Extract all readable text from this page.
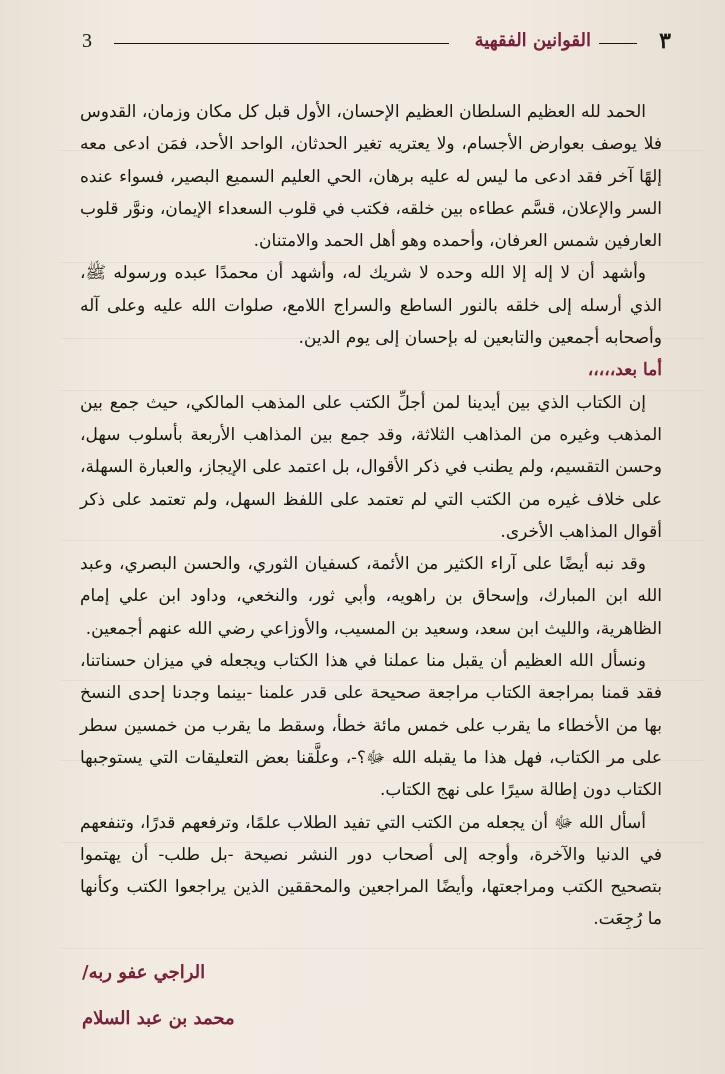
3	القوانين الفقهية	٣

الحمد لله العظيم السلطان العظيم الإحسان، الأول قبل كل مكان وزمان، القدوس فلا يوصف بعوارض الأجسام، ولا يعتريه تغير الحدثان، الواحد الأحد، فمَن ادعى معه إلهًا آخر فقد ادعى ما ليس له عليه برهان، الحي العليم السميع البصير، فسواء عنده السر والإعلان، قسَّم عطاءه بين خلقه، فكتب في قلوب السعداء الإيمان، ونوَّر قلوب العارفين شمس العرفان، وأحمده وهو أهل الحمد والامتنان.

وأشهد أن لا إله إلا الله وحده لا شريك له، وأشهد أن محمدًا عبده ورسوله ﷺ، الذي أرسله إلى خلقه بالنور الساطع والسراج اللامع، صلوات الله عليه وعلى آله وأصحابه أجمعين والتابعين له بإحسان إلى يوم الدين.

أما بعد،،،،،

إن الكتاب الذي بين أيدينا لمن أجلِّ الكتب على المذهب المالكي، حيث جمع بين المذهب وغيره من المذاهب الثلاثة، وقد جمع بين المذاهب الأربعة بأسلوب سهل، وحسن التقسيم، ولم يطنب في ذكر الأقوال، بل اعتمد على الإيجاز، والعبارة السهلة، على خلاف غيره من الكتب التي لم تعتمد على اللفظ السهل، ولم تعتمد على ذكر أقوال المذاهب الأخرى.

وقد نبه أيضًا على آراء الكثير من الأئمة، كسفيان الثوري، والحسن البصري، وعبد الله ابن المبارك، وإسحاق بن راهويه، وأبي ثور، والنخعي، وداود ابن علي إمام الظاهرية، والليث ابن سعد، وسعيد بن المسيب، والأوزاعي رضي الله عنهم أجمعين.

ونسأل الله العظيم أن يقبل منا عملنا في هذا الكتاب ويجعله في ميزان حسناتنا، فقد قمنا بمراجعة الكتاب مراجعة صحيحة على قدر علمنا -بينما وجدنا إحدى النسخ بها من الأخطاء ما يقرب على خمس مائة خطأ، وسقط ما يقرب من خمسين سطر على مر الكتاب، فهل هذا ما يقبله الله ﷻ؟-، وعلَّقنا بعض التعليقات التي يستوجبها الكتاب دون إطالة سيرًا على نهج الكتاب.

أسأل الله ﷻ أن يجعله من الكتب التي تفيد الطلاب علمًا، وترفعهم قدرًا، وتنفعهم في الدنيا والآخرة، وأوجه إلى أصحاب دور النشر نصيحة -بل طلب- أن يهتموا بتصحيح الكتب ومراجعتها، وأيضًا المراجعين والمحققين الذين يراجعوا الكتب وكأنها ما رُجِعَت.

الراجي عفو ربه/
محمد بن عبد السلام
